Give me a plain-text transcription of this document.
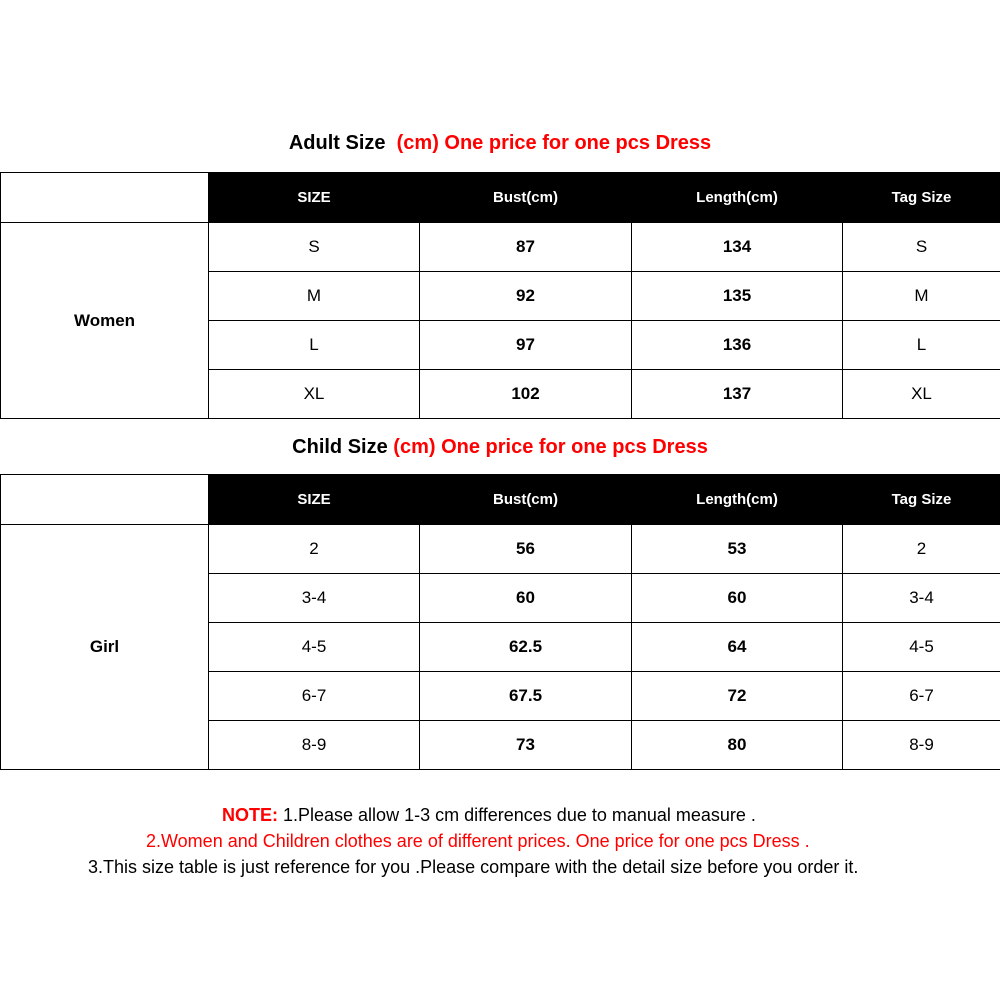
Adult Size (cm) One price for one pcs Dress
	SIZE	Bust(cm)	Length(cm)	Tag Size
Women	S	87	134	S
	M	92	135	M
	L	97	136	L
	XL	102	137	XL
Child Size (cm) One price for one pcs Dress
	SIZE	Bust(cm)	Length(cm)	Tag Size
Girl	2	56	53	2
	3-4	60	60	3-4
	4-5	62.5	64	4-5
	6-7	67.5	72	6-7
	8-9	73	80	8-9
NOTE: 1.Please allow 1-3 cm differences due to manual measure .
2.Women and Children clothes are of different prices. One price for one pcs Dress .
3.This size table is just reference for you .Please compare with the detail size before you order it.
